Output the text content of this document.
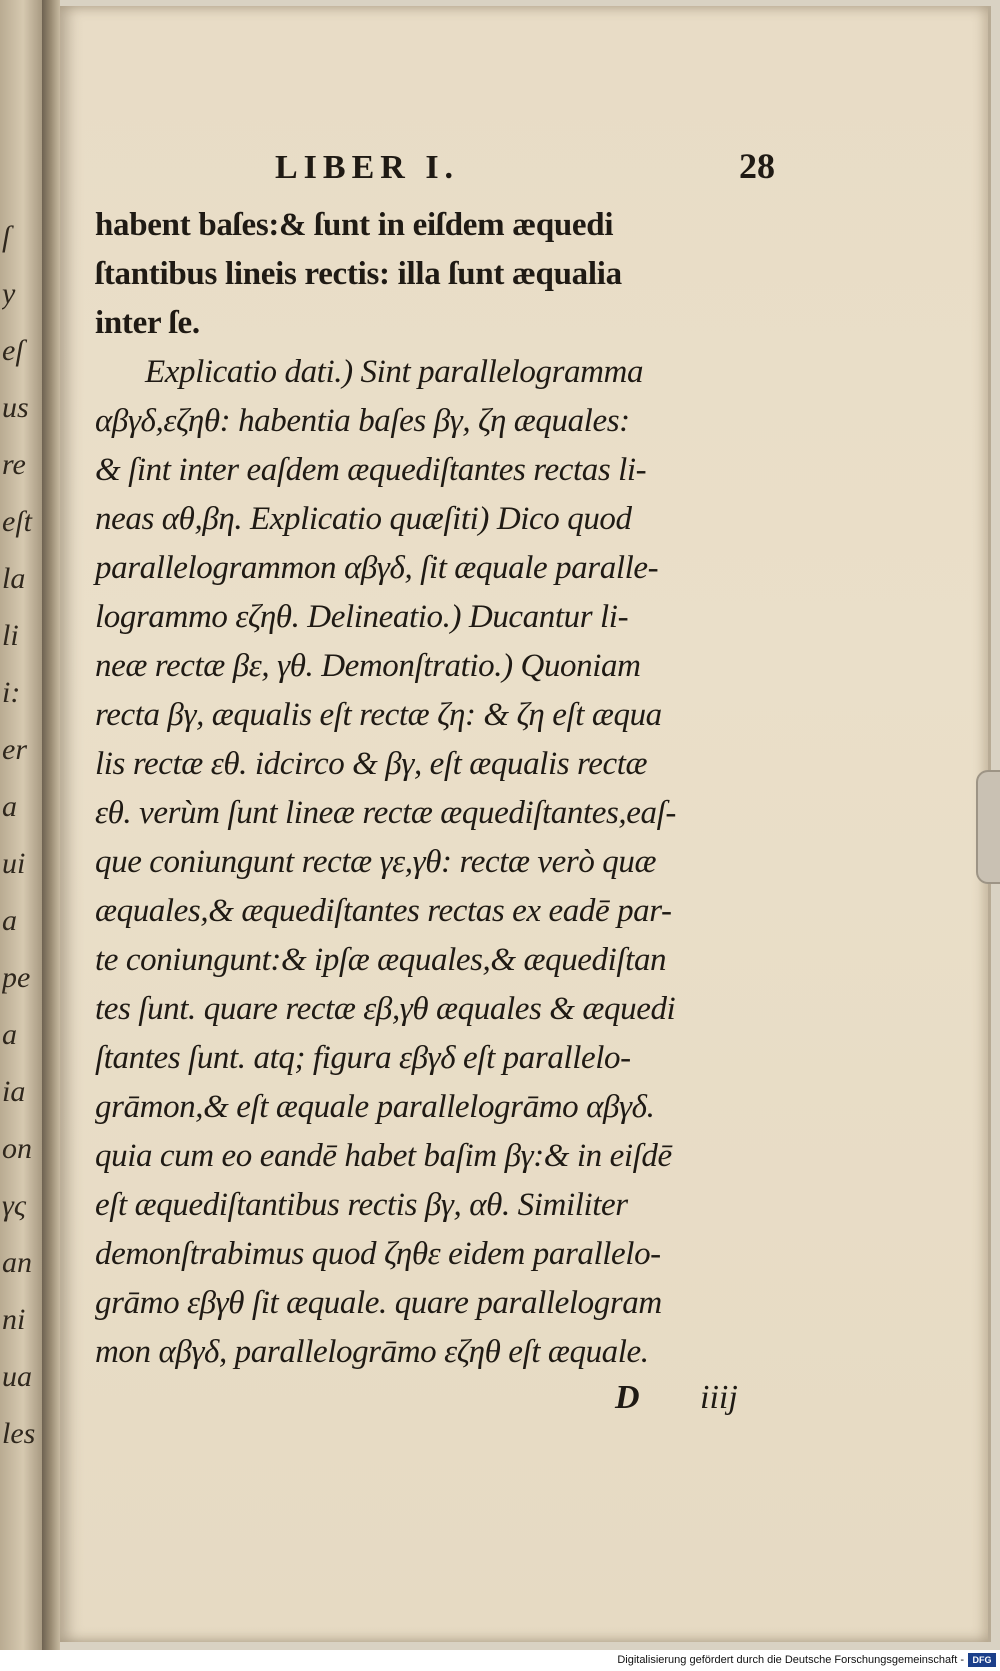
ſ
y
eſ
us
re
eſt
la
li
i:
er
a
ui
a
pe
a
ia
on
γς
an
ni
ua
les
LIBER I.	28
habent baſes:& ſunt in eiſdem æquedi
ſtantibus lineis rectis: illa ſunt æqualia
inter ſe.
Explicatio dati.) Sint parallelogramma
αβγδ,εζηθ: habentia baſes βγ, ζη æquales:
& ſint inter eaſdem æquediſtantes rectas li-
neas αθ,βη. Explicatio quæſiti) Dico quod
parallelogrammon αβγδ, ſit æquale paralle-
logrammo εζηθ. Delineatio.) Ducantur li-
neæ rectæ βε, γθ. Demonſtratio.) Quoniam
recta βγ, æqualis eſt rectæ ζη: & ζη eſt æqua
lis rectæ εθ. idcirco & βγ, eſt æqualis rectæ
εθ. verùm ſunt lineæ rectæ æquediſtantes,eaſ-
que coniungunt rectæ γε,γθ: rectæ verò quæ
æquales,& æquediſtantes rectas ex eadē par-
te coniungunt:& ipſæ æquales,& æquediſtan
tes ſunt. quare rectæ εβ,γθ æquales & æquedi
ſtantes ſunt. atq; figura εβγδ eſt parallelo-
grāmon,& eſt æquale parallelogrāmo αβγδ.
quia cum eo eandē habet baſim βγ:& in eiſdē
eſt æquediſtantibus rectis βγ, αθ. Similiter
demonſtrabimus quod ζηθε eidem parallelo-
grāmo εβγθ ſit æquale. quare parallelogram
mon αβγδ, parallelogrāmo εζηθ eſt æquale.
D iiij
Digitalisierung gefördert durch die Deutsche Forschungsgemeinschaft - DFG
